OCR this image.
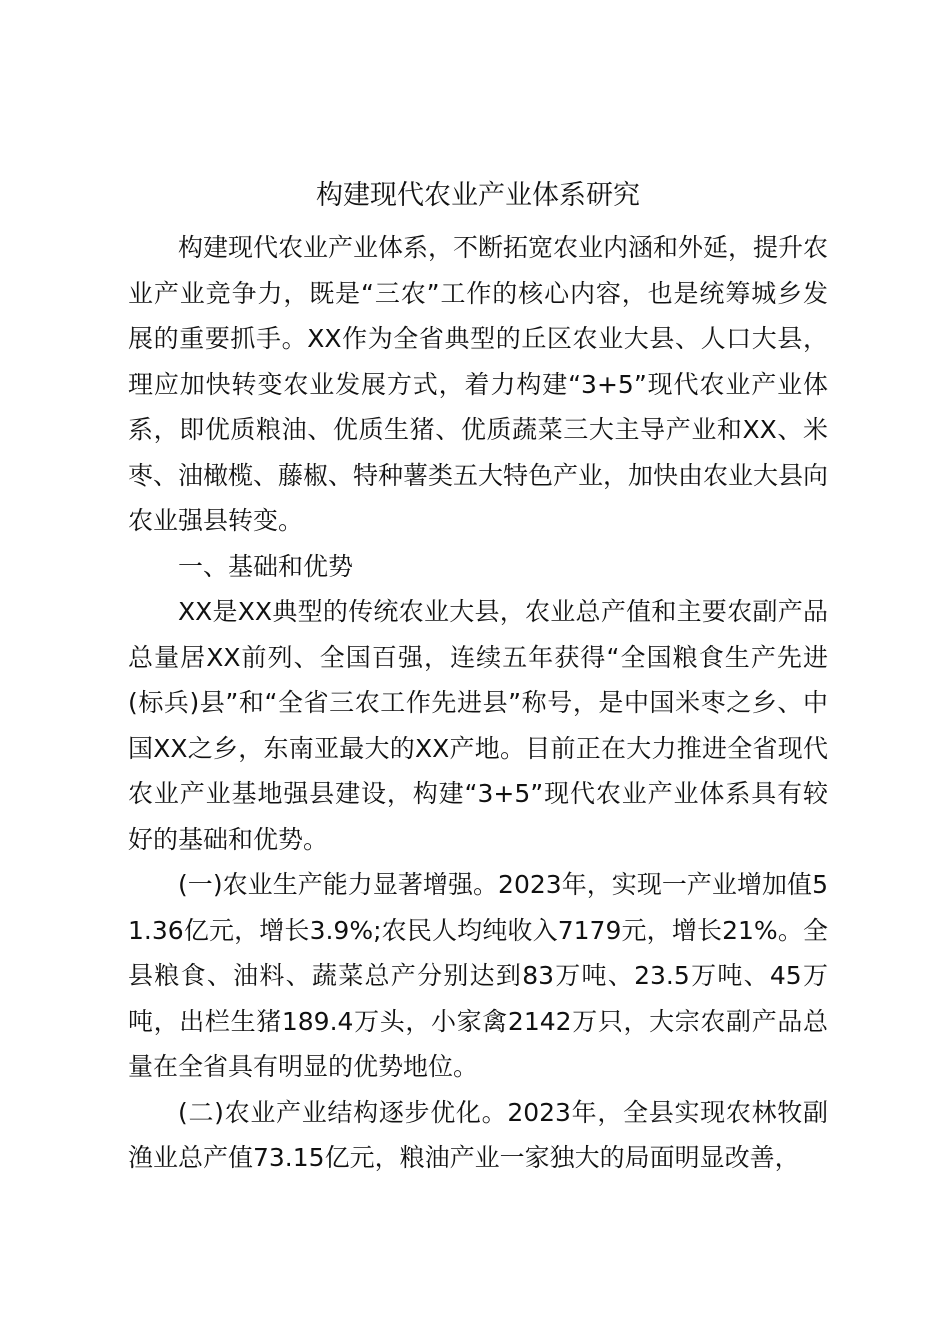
构建现代农业产业体系研究

构建现代农业产业体系，不断拓宽农业内涵和外延，提升农业产业竞争力，既是“三农”工作的核心内容，也是统筹城乡发展的重要抓手。XX作为全省典型的丘区农业大县、人口大县，理应加快转变农业发展方式，着力构建“3+5”现代农业产业体系，即优质粮油、优质生猪、优质蔬菜三大主导产业和XX、米枣、油橄榄、藤椒、特种薯类五大特色产业，加快由农业大县向农业强县转变。

一、基础和优势

XX是XX典型的传统农业大县，农业总产值和主要农副产品总量居XX前列、全国百强，连续五年获得“全国粮食生产先进(标兵)县”和“全省三农工作先进县”称号，是中国米枣之乡、中国XX之乡，东南亚最大的XX产地。目前正在大力推进全省现代农业产业基地强县建设，构建“3+5”现代农业产业体系具有较好的基础和优势。

(一)农业生产能力显著增强。2023年，实现一产业增加值51.36亿元，增长3.9%;农民人均纯收入7179元，增长21%。全县粮食、油料、蔬菜总产分别达到83万吨、23.5万吨、45万吨，出栏生猪189.4万头，小家禽2142万只，大宗农副产品总量在全省具有明显的优势地位。

(二)农业产业结构逐步优化。2023年，全县实现农林牧副渔业总产值73.15亿元，粮油产业一家独大的局面明显改善，
